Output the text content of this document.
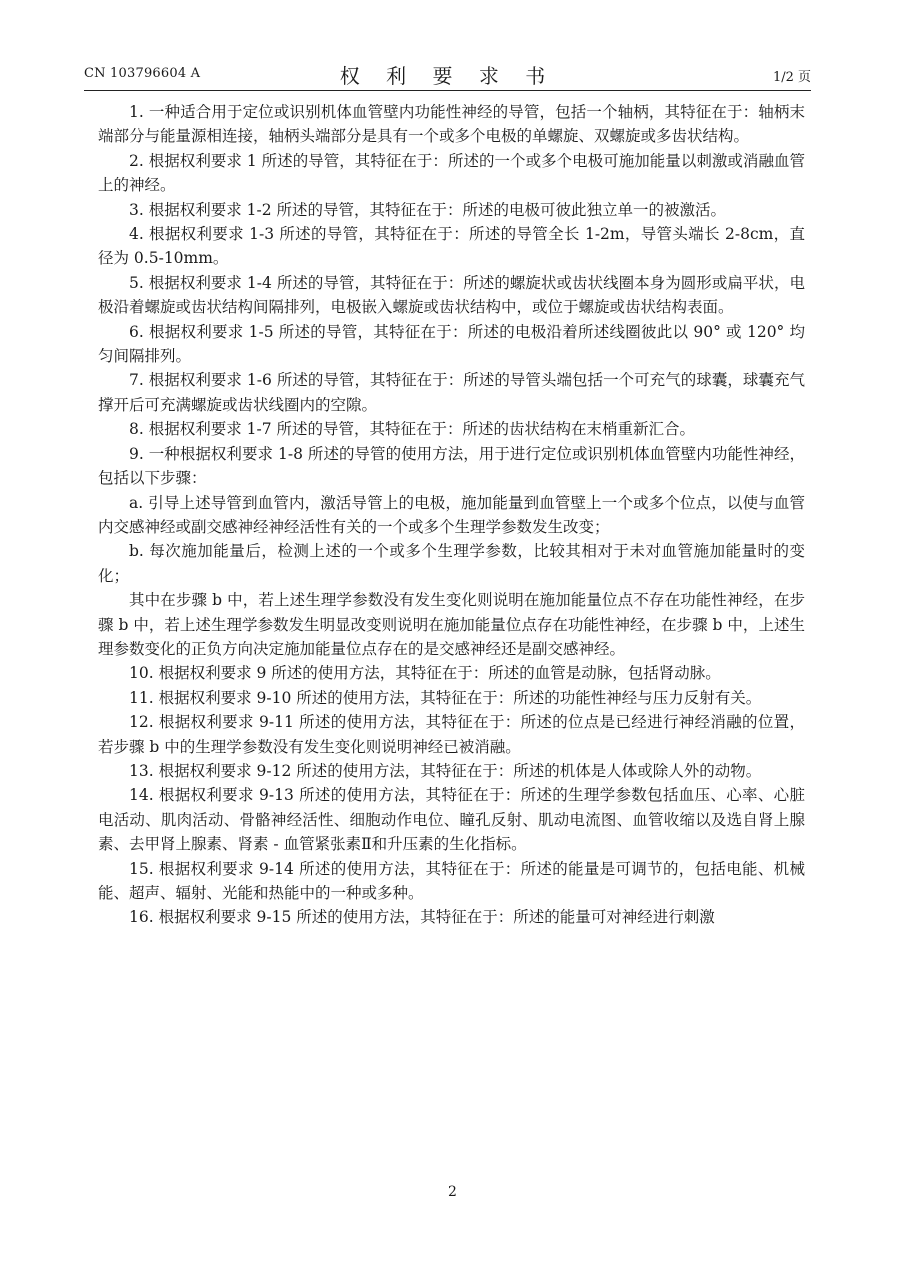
CN 103796604 A	权 利 要 求 书	1/2 页

1. 一种适合用于定位或识别机体血管壁内功能性神经的导管，包括一个轴柄，其特征在于：轴柄末端部分与能量源相连接，轴柄头端部分是具有一个或多个电极的单螺旋、双螺旋或多齿状结构。

2. 根据权利要求 1 所述的导管，其特征在于：所述的一个或多个电极可施加能量以刺激或消融血管上的神经。

3. 根据权利要求 1-2 所述的导管，其特征在于：所述的电极可彼此独立单一的被激活。

4. 根据权利要求 1-3 所述的导管，其特征在于：所述的导管全长 1-2m，导管头端长 2-8cm，直径为 0.5-10mm。

5. 根据权利要求 1-4 所述的导管，其特征在于：所述的螺旋状或齿状线圈本身为圆形或扁平状，电极沿着螺旋或齿状结构间隔排列，电极嵌入螺旋或齿状结构中，或位于螺旋或齿状结构表面。

6. 根据权利要求 1-5 所述的导管，其特征在于：所述的电极沿着所述线圈彼此以 90° 或 120° 均匀间隔排列。

7. 根据权利要求 1-6 所述的导管，其特征在于：所述的导管头端包括一个可充气的球囊，球囊充气撑开后可充满螺旋或齿状线圈内的空隙。

8. 根据权利要求 1-7 所述的导管，其特征在于：所述的齿状结构在末梢重新汇合。

9. 一种根据权利要求 1-8 所述的导管的使用方法，用于进行定位或识别机体血管壁内功能性神经，包括以下步骤：

a. 引导上述导管到血管内，激活导管上的电极，施加能量到血管壁上一个或多个位点，以使与血管内交感神经或副交感神经神经活性有关的一个或多个生理学参数发生改变；

b. 每次施加能量后，检测上述的一个或多个生理学参数，比较其相对于未对血管施加能量时的变化；

其中在步骤 b 中，若上述生理学参数没有发生变化则说明在施加能量位点不存在功能性神经，在步骤 b 中，若上述生理学参数发生明显改变则说明在施加能量位点存在功能性神经，在步骤 b 中，上述生理参数变化的正负方向决定施加能量位点存在的是交感神经还是副交感神经。

10. 根据权利要求 9 所述的使用方法，其特征在于：所述的血管是动脉，包括肾动脉。

11. 根据权利要求 9-10 所述的使用方法，其特征在于：所述的功能性神经与压力反射有关。

12. 根据权利要求 9-11 所述的使用方法，其特征在于：所述的位点是已经进行神经消融的位置，若步骤 b 中的生理学参数没有发生变化则说明神经已被消融。

13. 根据权利要求 9-12 所述的使用方法，其特征在于：所述的机体是人体或除人外的动物。

14. 根据权利要求 9-13 所述的使用方法，其特征在于：所述的生理学参数包括血压、心率、心脏电活动、肌肉活动、骨骼神经活性、细胞动作电位、瞳孔反射、肌动电流图、血管收缩以及选自肾上腺素、去甲肾上腺素、肾素 - 血管紧张素Ⅱ和升压素的生化指标。

15. 根据权利要求 9-14 所述的使用方法，其特征在于：所述的能量是可调节的，包括电能、机械能、超声、辐射、光能和热能中的一种或多种。

16. 根据权利要求 9-15 所述的使用方法，其特征在于：所述的能量可对神经进行刺激

2
